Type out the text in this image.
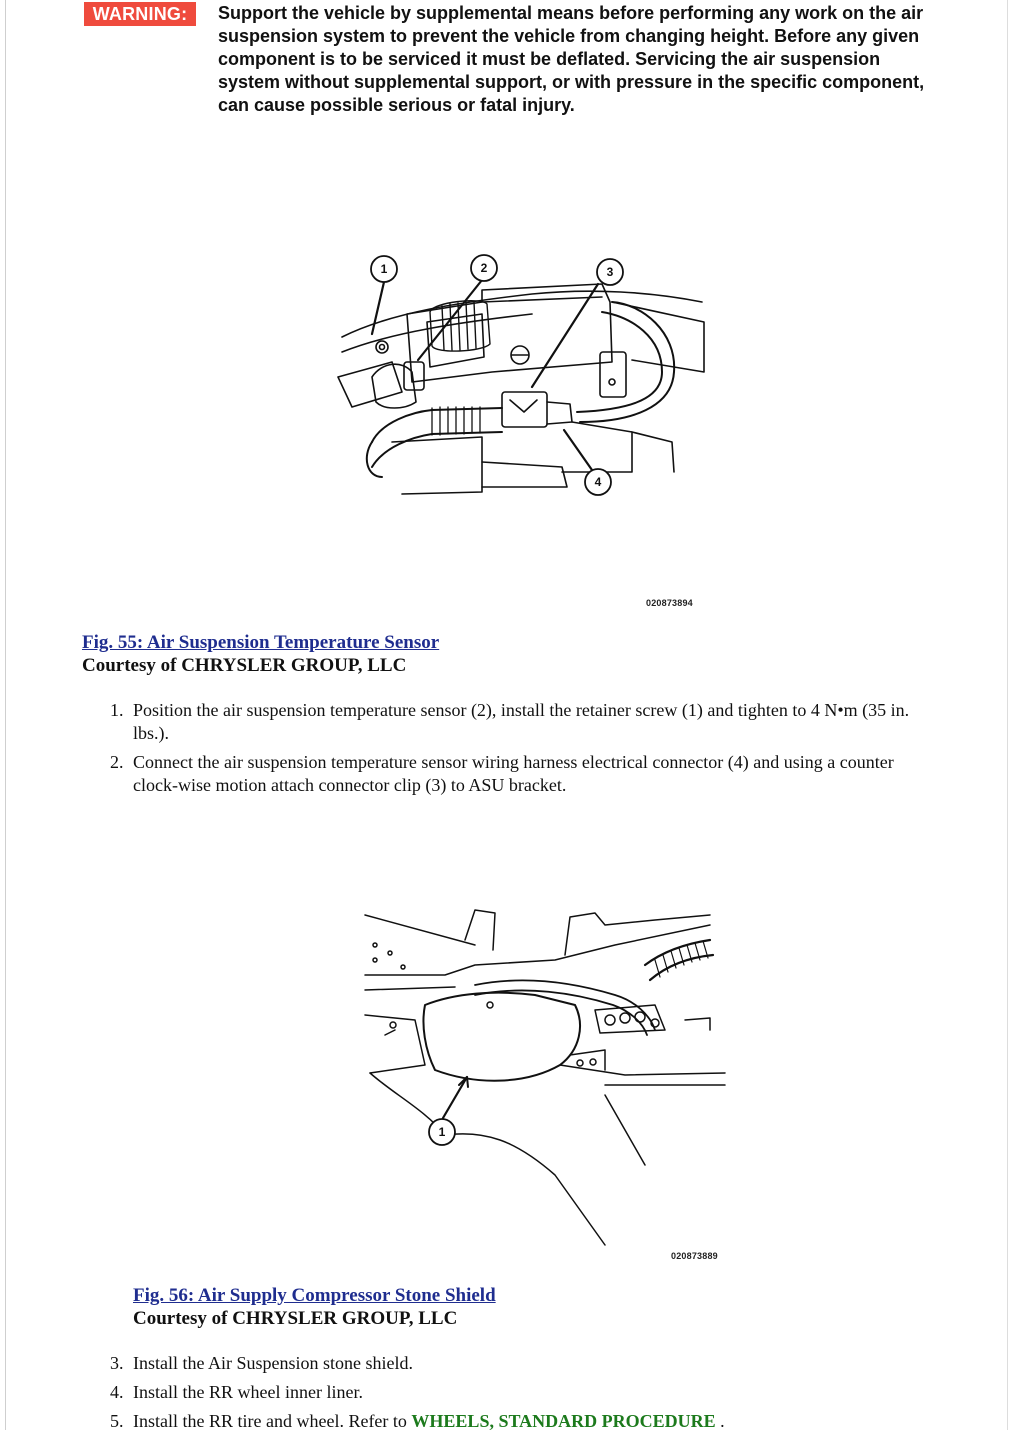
WARNING:	Support the vehicle by supplemental means before performing any work on the air suspension system to prevent the vehicle from changing height. Before any given component is to be serviced it must be deflated. Servicing the air suspension system without supplemental support, or with pressure in the specific component, can cause possible serious or fatal injury.
1	2	3
4
020873894
Fig. 55: Air Suspension Temperature Sensor
Courtesy of CHRYSLER GROUP, LLC
1. Position the air suspension temperature sensor (2), install the retainer screw (1) and tighten to 4 N•m (35 in. lbs.).
2. Connect the air suspension temperature sensor wiring harness electrical connector (4) and using a counter clock-wise motion attach connector clip (3) to ASU bracket.
1
020873889
Fig. 56: Air Supply Compressor Stone Shield
Courtesy of CHRYSLER GROUP, LLC
3. Install the Air Suspension stone shield.
4. Install the RR wheel inner liner.
5. Install the RR tire and wheel. Refer to WHEELS, STANDARD PROCEDURE .
